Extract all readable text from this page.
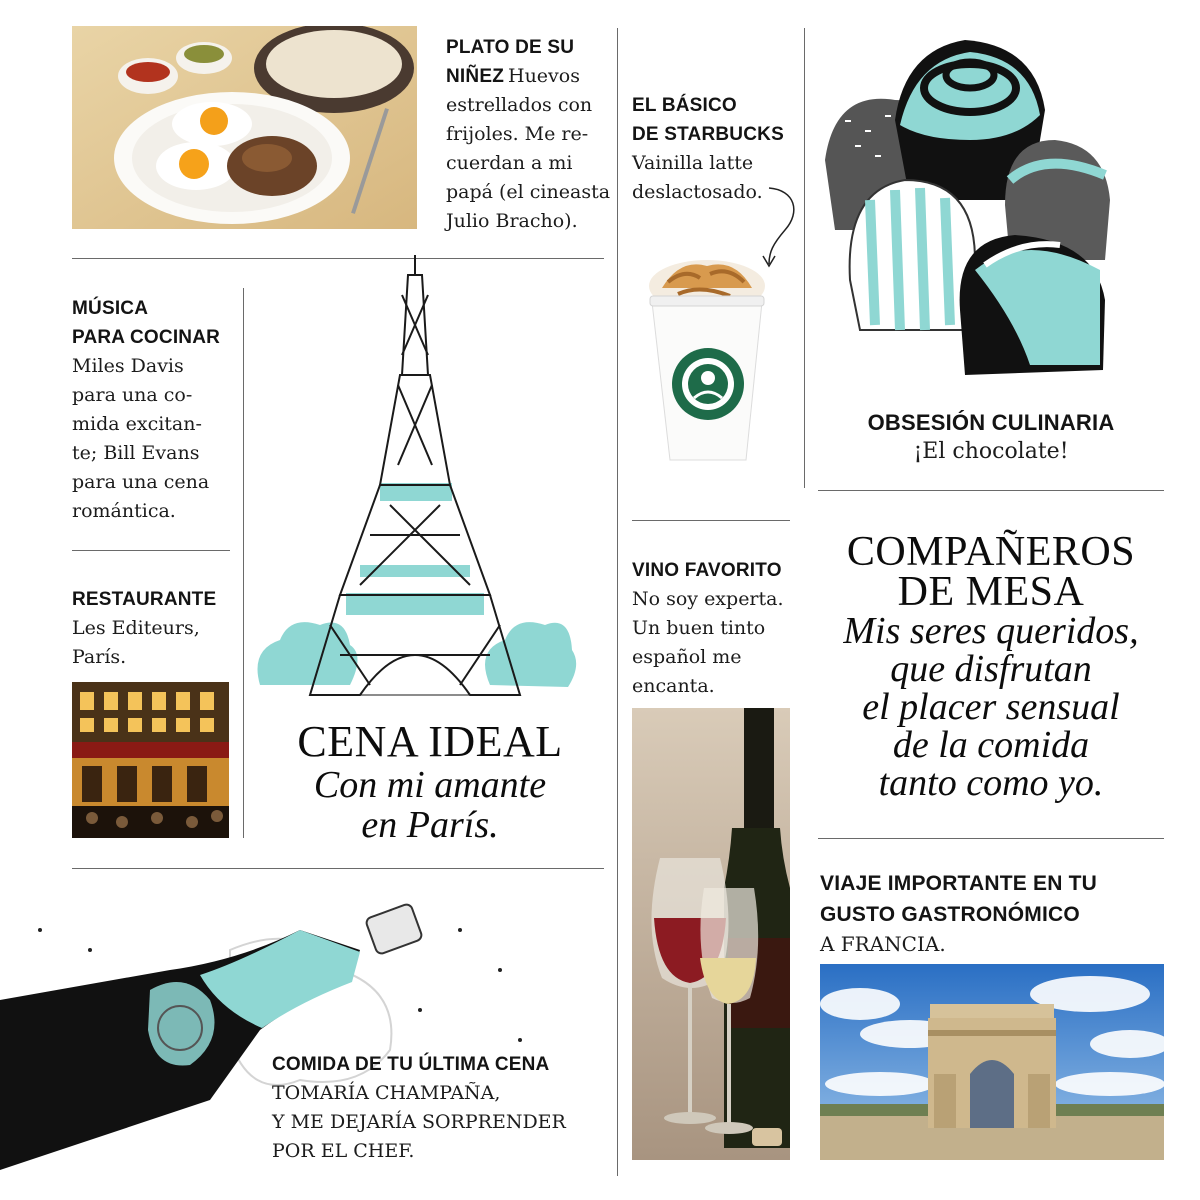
PLATO DE SU
NIÑEZ Huevos
estrellados con
frijoles. Me re-
cuerdan a mi
papá (el cineasta
Julio Bracho).
EL BÁSICO
DE STARBUCKS
Vainilla latte
deslactosado.
OBSESIÓN CULINARIA
¡El chocolate!
MÚSICA
PARA COCINAR
Miles Davis
para una co-
mida excitan-
te; Bill Evans
para una cena
romántica.
RESTAURANTE
Les Editeurs,
París.
CENA IDEAL
Con mi amante
en París.
VINO FAVORITO
No soy experta.
Un buen tinto
español me
encanta.
COMPAÑEROS
DE MESA
Mis seres queridos,
que disfrutan
el placer sensual
de la comida
tanto como yo.
VIAJE IMPORTANTE EN TU
GUSTO GASTRONÓMICO
A FRANCIA.
COMIDA DE TU ÚLTIMA CENA
TOMARÍA CHAMPAÑA,
Y ME DEJARÍA SORPRENDER
POR EL CHEF.
